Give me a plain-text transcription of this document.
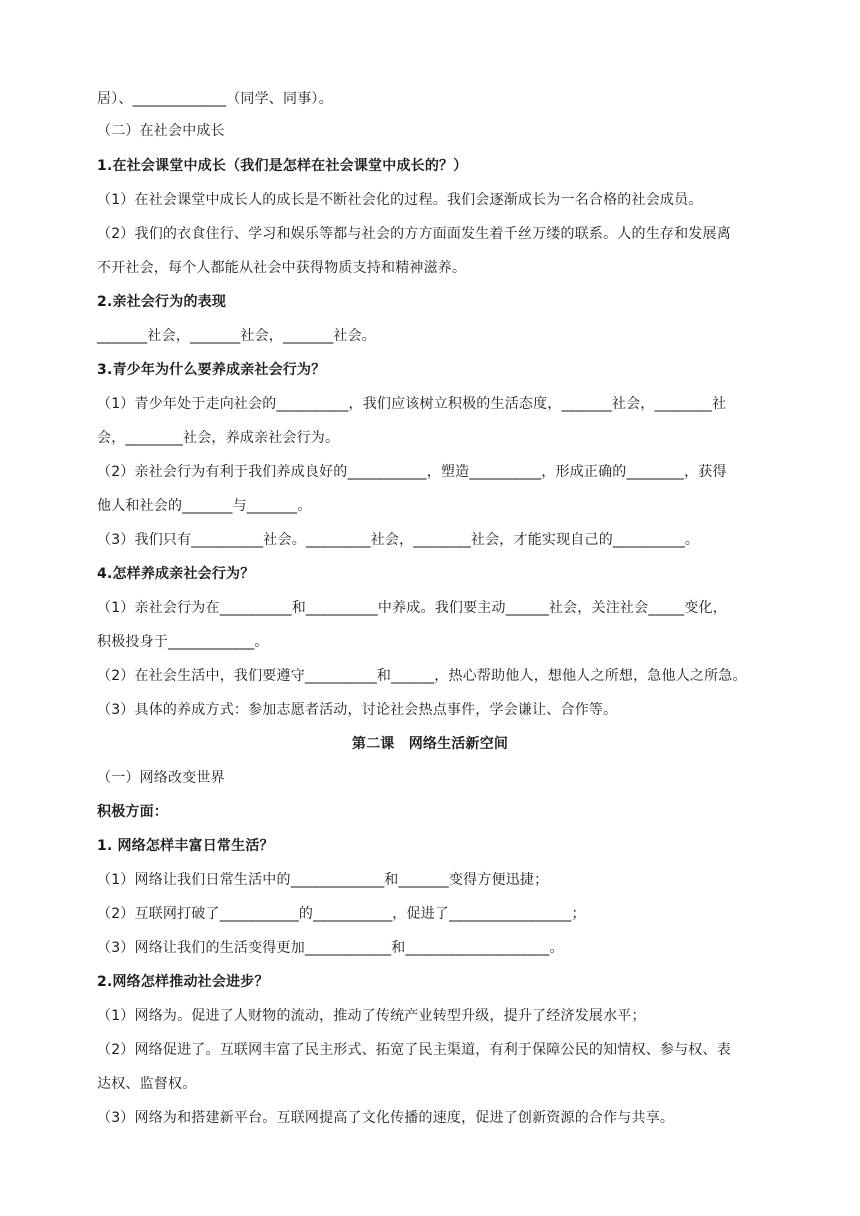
居）、_____________（同学、同事）。
（二）在社会中成长
1.在社会课堂中成长（我们是怎样在社会课堂中成长的？）
（1）在社会课堂中成长人的成长是不断社会化的过程。我们会逐渐成长为一名合格的社会成员。
（2）我们的衣食住行、学习和娱乐等都与社会的方方面面发生着千丝万缕的联系。人的生存和发展离
不开社会，每个人都能从社会中获得物质支持和精神滋养。
2.亲社会行为的表现
_______社会，_______社会，_______社会。
3.青少年为什么要养成亲社会行为？
（1）青少年处于走向社会的__________，我们应该树立积极的生活态度，_______社会，________社
会，________社会，养成亲社会行为。
（2）亲社会行为有利于我们养成良好的___________，塑造__________，形成正确的________，获得
他人和社会的_______与_______。
（3）我们只有__________社会。_________社会，________社会，才能实现自己的__________。
4.怎样养成亲社会行为？
（1）亲社会行为在__________和__________中养成。我们要主动______社会，关注社会_____变化，
积极投身于____________。
（2）在社会生活中，我们要遵守__________和______，热心帮助他人，想他人之所想，急他人之所急。
（3）具体的养成方式：参加志愿者活动，讨论社会热点事件，学会谦让、合作等。
第二课　网络生活新空间
（一）网络改变世界
积极方面：
1. 网络怎样丰富日常生活？
（1）网络让我们日常生活中的_____________和_______变得方便迅捷；
（2）互联网打破了___________的___________，促进了_________________；
（3）网络让我们的生活变得更加____________和____________________。
2.网络怎样推动社会进步？
（1）网络为。促进了人财物的流动，推动了传统产业转型升级，提升了经济发展水平；
（2）网络促进了。互联网丰富了民主形式、拓宽了民主渠道，有利于保障公民的知情权、参与权、表
达权、监督权。
（3）网络为和搭建新平台。互联网提高了文化传播的速度，促进了创新资源的合作与共享。
